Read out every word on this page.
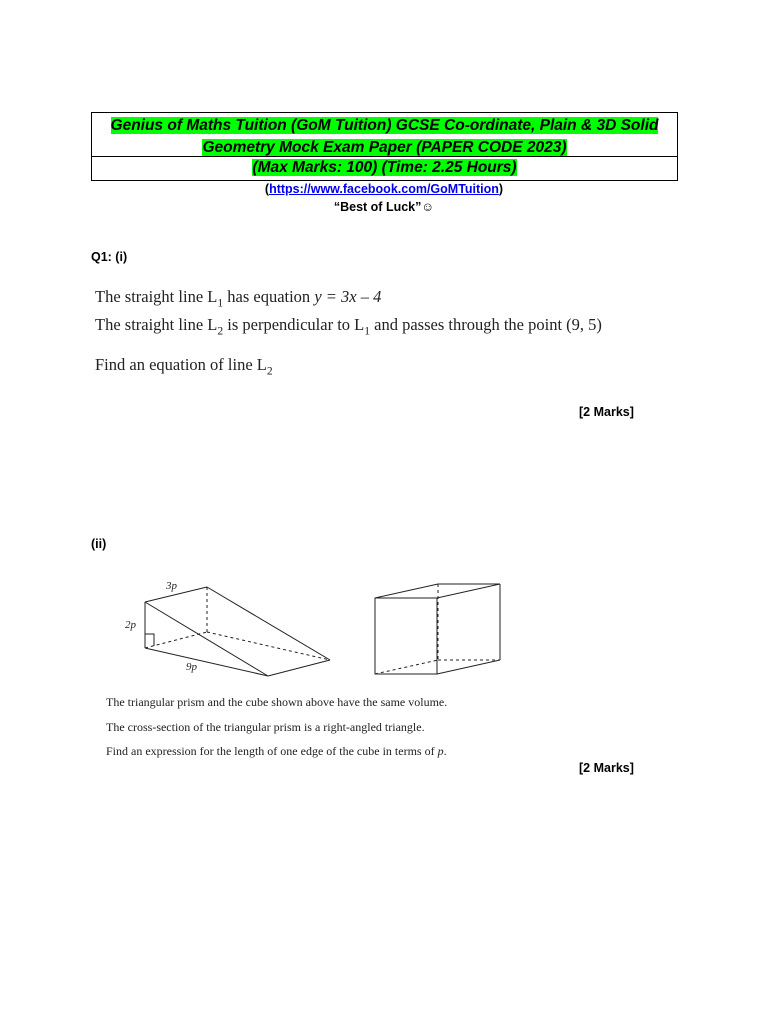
Genius of Maths Tuition (GoM Tuition) GCSE Co-ordinate, Plain & 3D Solid
Geometry Mock Exam Paper (PAPER CODE 2023)
(Max Marks: 100) (Time: 2.25 Hours)
(https://www.facebook.com/GoMTuition)
“Best of Luck”☺
Q1: (i)
The straight line $L_1$ has equation y = 3x – 4
The straight line $L_2$ is perpendicular to $L_1$ and passes through the point (9, 5)
Find an equation of line $L_2$
[2 Marks]
(ii)
3p
2p
9p
The triangular prism and the cube shown above have the same volume.
The cross-section of the triangular prism is a right-angled triangle.
Find an expression for the length of one edge of the cube in terms of p.
[2 Marks]
